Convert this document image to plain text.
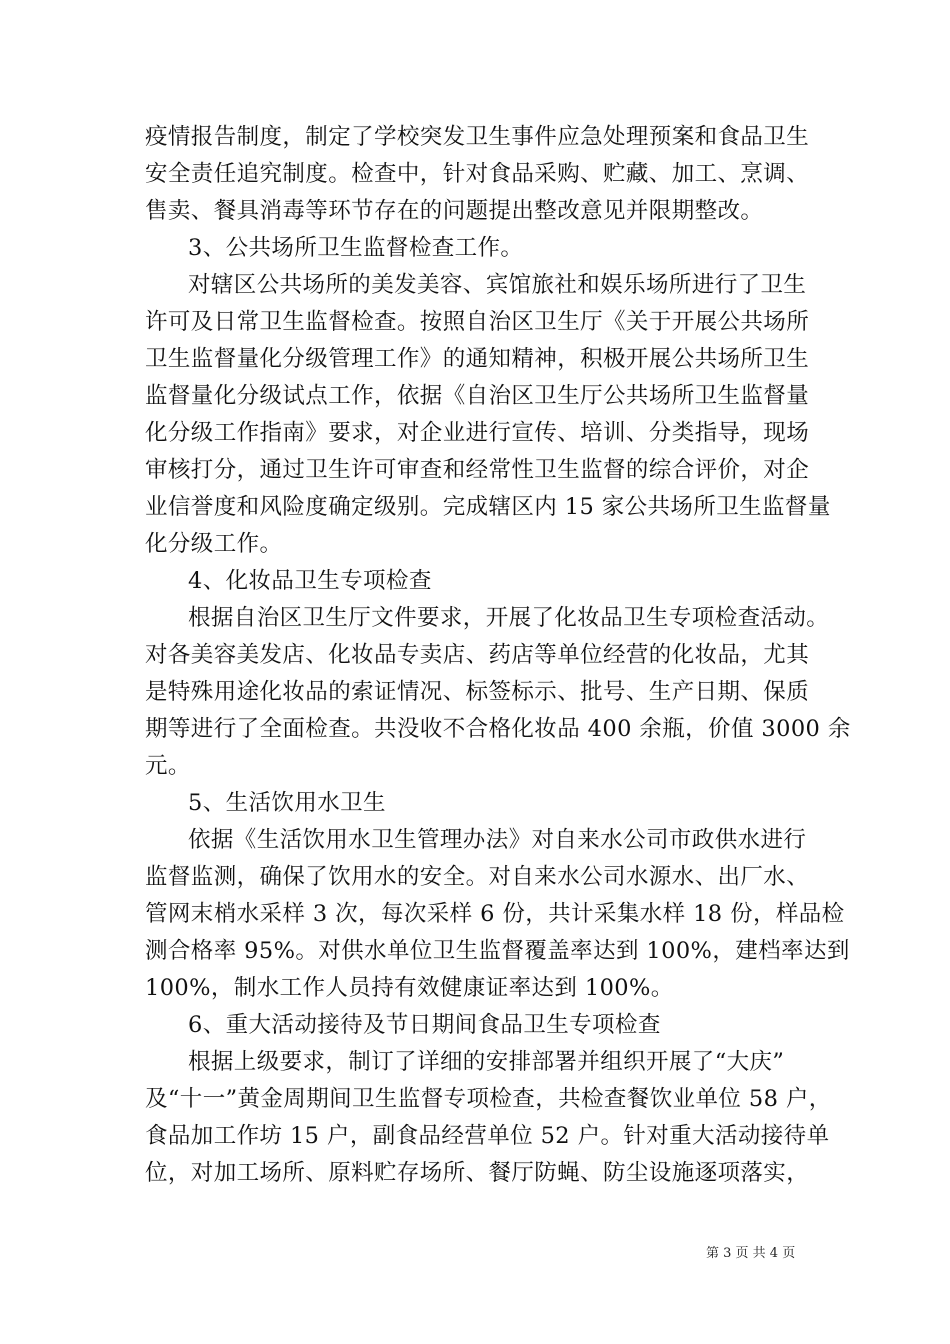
疫情报告制度，制定了学校突发卫生事件应急处理预案和食品卫生
安全责任追究制度。检查中，针对食品采购、贮藏、加工、烹调、
售卖、餐具消毒等环节存在的问题提出整改意见并限期整改。
3、公共场所卫生监督检查工作。
对辖区公共场所的美发美容、宾馆旅社和娱乐场所进行了卫生
许可及日常卫生监督检查。按照自治区卫生厅《关于开展公共场所
卫生监督量化分级管理工作》的通知精神，积极开展公共场所卫生
监督量化分级试点工作，依据《自治区卫生厅公共场所卫生监督量
化分级工作指南》要求，对企业进行宣传、培训、分类指导，现场
审核打分，通过卫生许可审查和经常性卫生监督的综合评价，对企
业信誉度和风险度确定级别。完成辖区内 15 家公共场所卫生监督量
化分级工作。
4、化妆品卫生专项检查
根据自治区卫生厅文件要求，开展了化妆品卫生专项检查活动。
对各美容美发店、化妆品专卖店、药店等单位经营的化妆品，尤其
是特殊用途化妆品的索证情况、标签标示、批号、生产日期、保质
期等进行了全面检查。共没收不合格化妆品 400 余瓶，价值 3000 余
元。
5、生活饮用水卫生
依据《生活饮用水卫生管理办法》对自来水公司市政供水进行
监督监测，确保了饮用水的安全。对自来水公司水源水、出厂水、
管网末梢水采样 3 次，每次采样 6 份，共计采集水样 18 份，样品检
测合格率 95%。对供水单位卫生监督覆盖率达到 100%，建档率达到
100%，制水工作人员持有效健康证率达到 100%。
6、重大活动接待及节日期间食品卫生专项检查
根据上级要求，制订了详细的安排部署并组织开展了“大庆”
及“十一”黄金周期间卫生监督专项检查，共检查餐饮业单位 58 户，
食品加工作坊 15 户，副食品经营单位 52 户。针对重大活动接待单
位，对加工场所、原料贮存场所、餐厅防蝇、防尘设施逐项落实，
第 3 页 共 4 页
